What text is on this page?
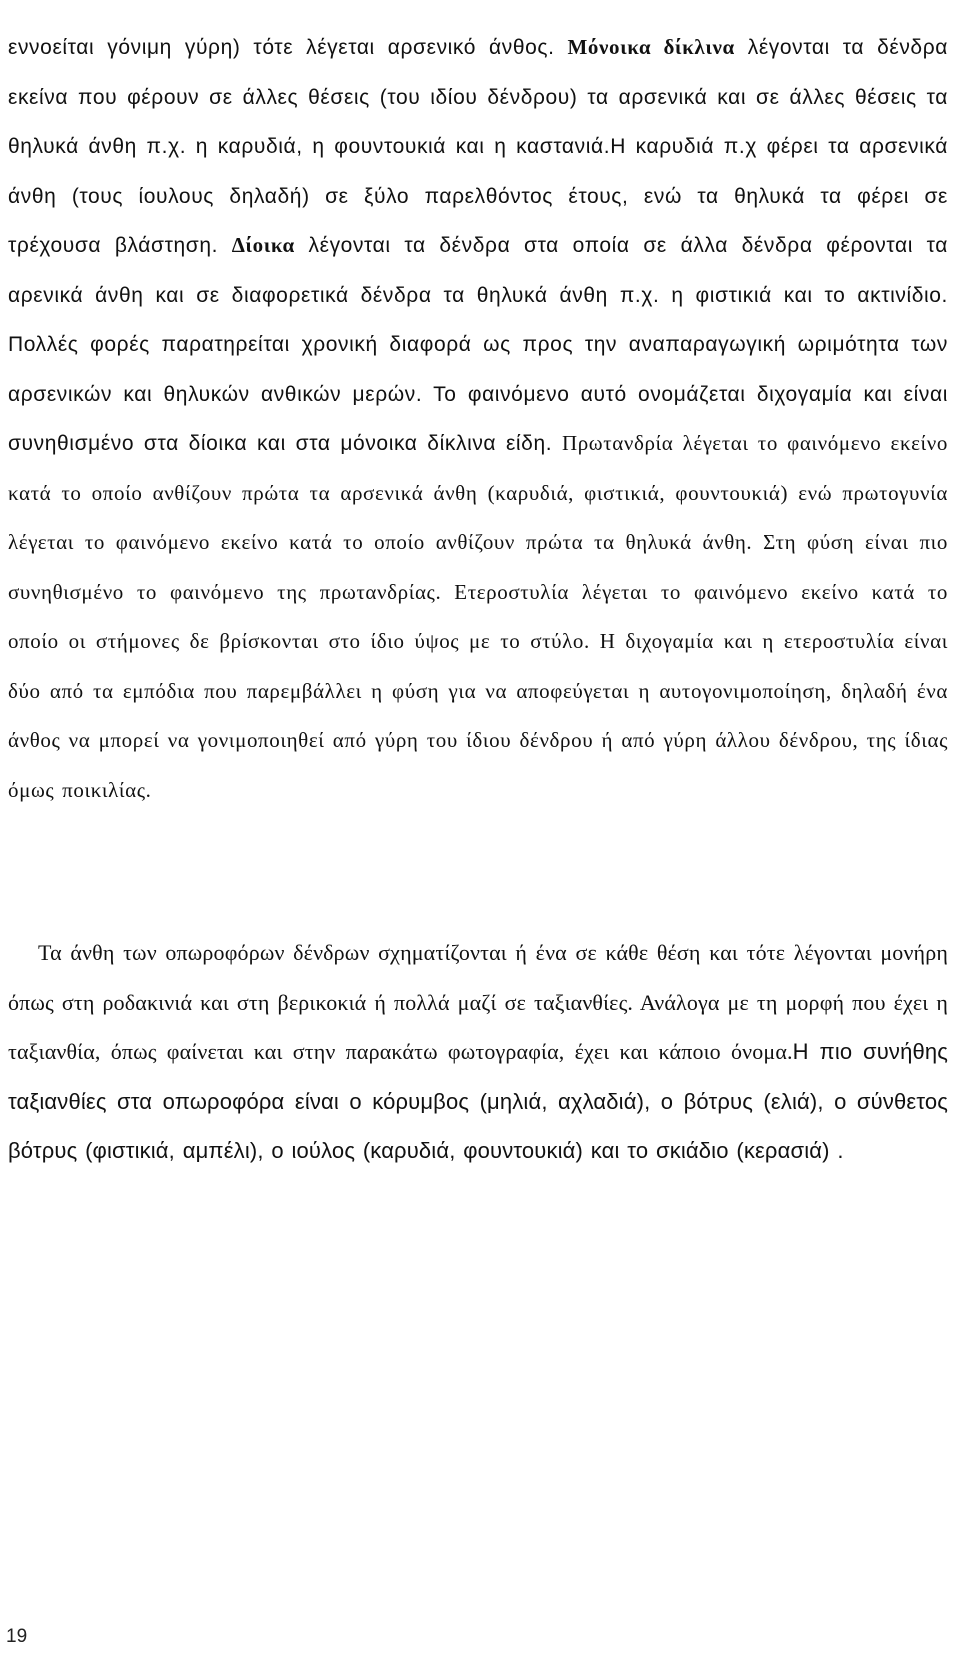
εννοείται γόνιμη γύρη) τότε λέγεται αρσενικό άνθος. Μόνοικα δίκλινα λέγονται τα δένδρα εκείνα που φέρουν σε άλλες θέσεις (του ιδίου δένδρου) τα αρσενικά και σε άλλες θέσεις τα θηλυκά άνθη π.χ. η καρυδιά, η φουντουκιά και η καστανιά.Η καρυδιά π.χ φέρει τα αρσενικά άνθη (τους ίουλους δηλαδή) σε ξύλο παρελθόντος έτους, ενώ τα θηλυκά τα φέρει σε τρέχουσα βλάστηση. Δίοικα λέγονται τα δένδρα στα οποία σε άλλα δένδρα φέρονται τα αρενικά άνθη και σε διαφορετικά δένδρα τα θηλυκά άνθη π.χ. η φιστικιά και το ακτινίδιο. Πολλές φορές παρατηρείται χρονική διαφορά ως προς την αναπαραγωγική ωριμότητα των αρσενικών και θηλυκών ανθικών μερών. Το φαινόμενο αυτό ονομάζεται διχογαμία και είναι συνηθισμένο στα δίοικα και στα μόνοικα δίκλινα είδη. Πρωτανδρία λέγεται το φαινόμενο εκείνο κατά το οποίο ανθίζουν πρώτα τα αρσενικά άνθη (καρυδιά, φιστικιά, φουντουκιά) ενώ πρωτογυνία λέγεται το φαινόμενο εκείνο κατά το οποίο ανθίζουν πρώτα τα θηλυκά άνθη. Στη φύση είναι πιο συνηθισμένο το φαινόμενο της πρωτανδρίας. Ετεροστυλία λέγεται το φαινόμενο εκείνο κατά το οποίο οι στήμονες δε βρίσκονται στο ίδιο ύψος με το στύλο. Η διχογαμία και η ετεροστυλία είναι δύο από τα εμπόδια που παρεμβάλλει η φύση για να αποφεύγεται η αυτογονιμοποίηση, δηλαδή ένα άνθος να μπορεί να γονιμοποιηθεί από γύρη του ίδιου δένδρου ή από γύρη άλλου δένδρου, της ίδιας όμως ποικιλίας.

Τα άνθη των οπωροφόρων δένδρων σχηματίζονται ή ένα σε κάθε θέση και τότε λέγονται μονήρη όπως στη ροδακινιά και στη βερικοκιά ή πολλά μαζί σε ταξιανθίες. Ανάλογα με τη μορφή που έχει η ταξιανθία, όπως φαίνεται και στην παρακάτω φωτογραφία, έχει και κάποιο όνομα.Η πιο συνήθης ταξιανθίες στα οπωροφόρα είναι ο κόρυμβος (μηλιά, αχλαδιά), ο βότρυς (ελιά), ο σύνθετος βότρυς (φιστικιά, αμπέλι), ο ιούλος (καρυδιά, φουντουκιά) και το σκιάδιο (κερασιά) .

19
